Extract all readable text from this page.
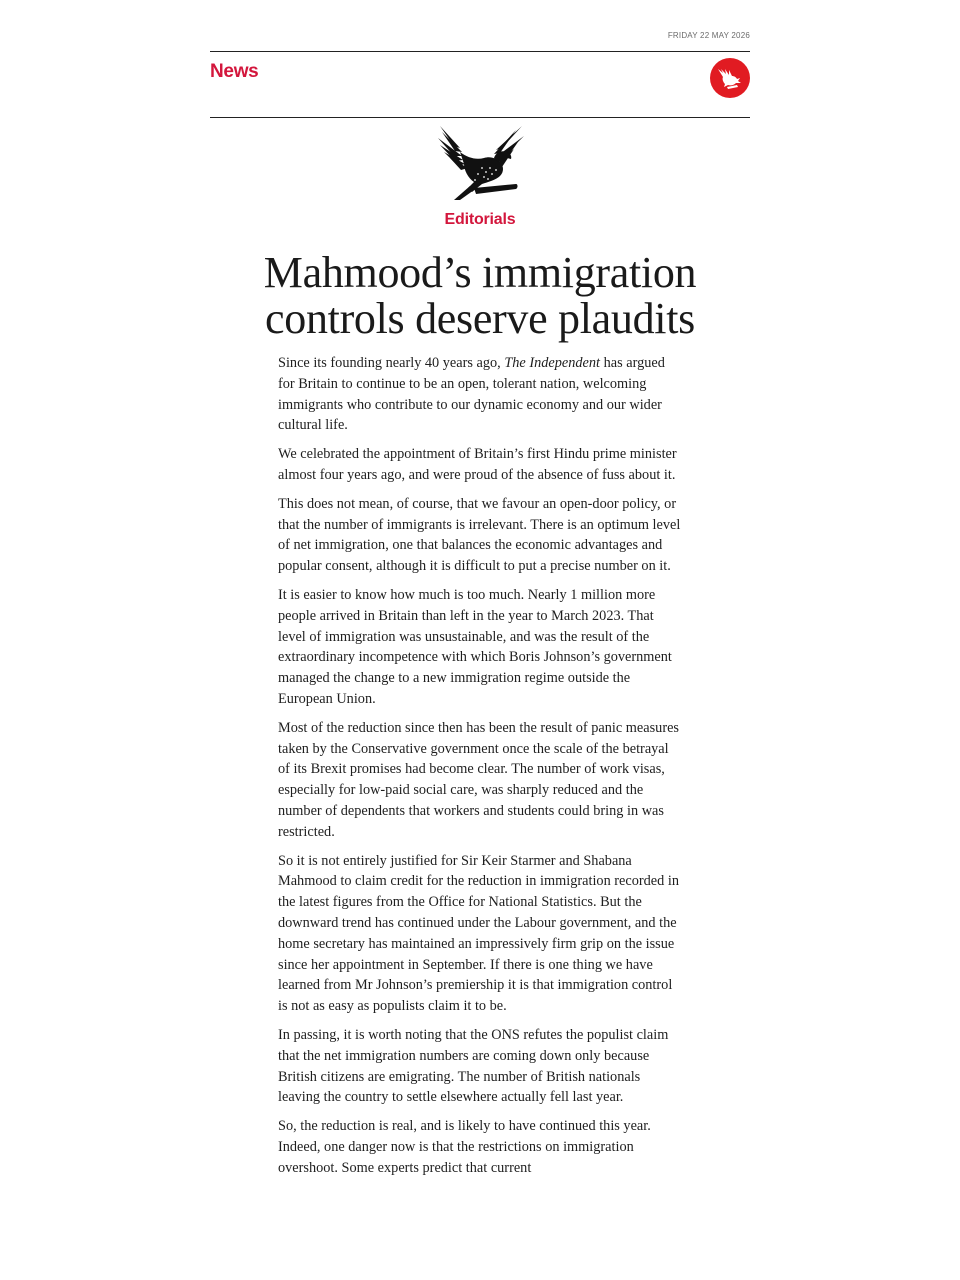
FRIDAY 22 MAY 2026
News
Editorials
Mahmood’s immigration
controls deserve plaudits

Since its founding nearly 40 years ago, The Independent has argued for Britain to continue to be an open, tolerant nation, welcoming immigrants who contribute to our dynamic economy and our wider cultural life.

We celebrated the appointment of Britain’s first Hindu prime minister almost four years ago, and were proud of the absence of fuss about it.

This does not mean, of course, that we favour an open-door policy, or that the number of immigrants is irrelevant. There is an optimum level of net immigration, one that balances the economic advantages and popular consent, although it is difficult to put a precise number on it.

It is easier to know how much is too much. Nearly 1 million more people arrived in Britain than left in the year to March 2023. That level of immigration was unsustainable, and was the result of the extraordinary incompetence with which Boris Johnson’s government managed the change to a new immigration regime outside the European Union.

Most of the reduction since then has been the result of panic measures taken by the Conservative government once the scale of the betrayal of its Brexit promises had become clear. The number of work visas, especially for low-paid social care, was sharply reduced and the number of dependents that workers and students could bring in was restricted.

So it is not entirely justified for Sir Keir Starmer and Shabana Mahmood to claim credit for the reduction in immigration recorded in the latest figures from the Office for National Statistics. But the downward trend has continued under the Labour government, and the home secretary has maintained an impressively firm grip on the issue since her appointment in September. If there is one thing we have learned from Mr Johnson’s premiership it is that immigration control is not as easy as populists claim it to be.

In passing, it is worth noting that the ONS refutes the populist claim that the net immigration numbers are coming down only because British citizens are emigrating. The number of British nationals leaving the country to settle elsewhere actually fell last year.

So, the reduction is real, and is likely to have continued this year. Indeed, one danger now is that the restrictions on immigration overshoot. Some experts predict that current
